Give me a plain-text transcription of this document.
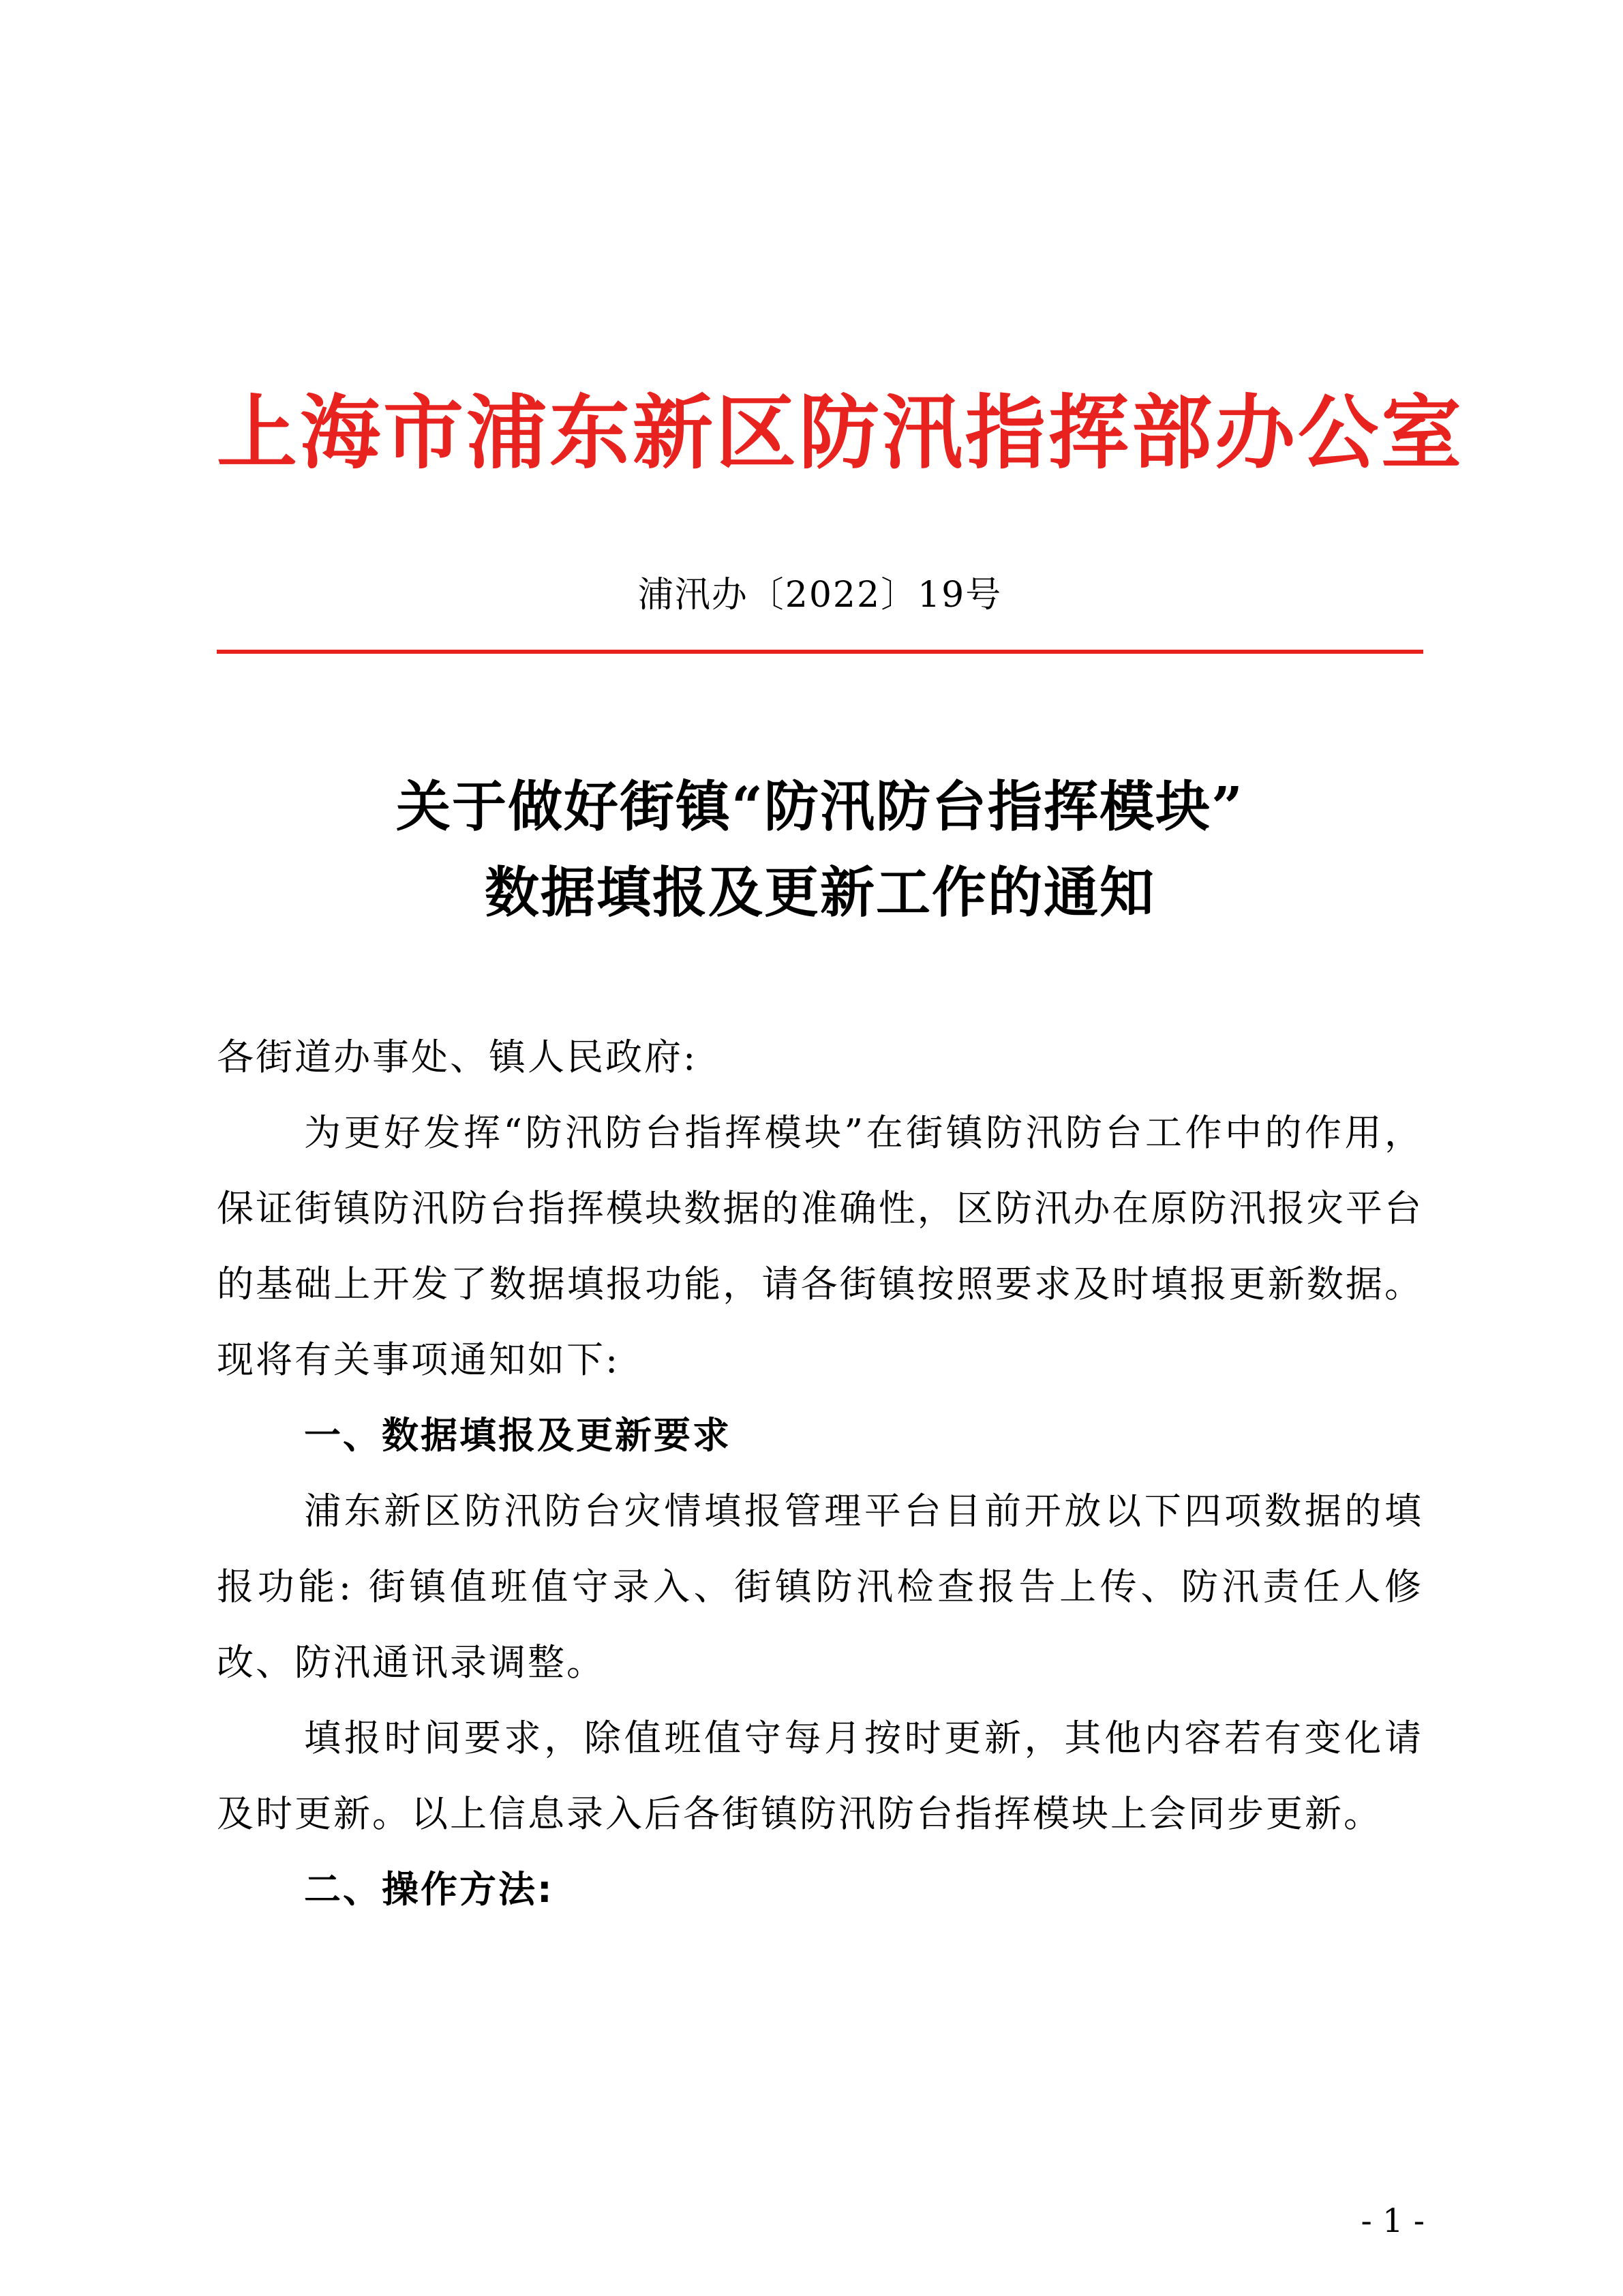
上海市浦东新区防汛指挥部办公室
浦汛办〔2022〕19号
关于做好街镇“防汛防台指挥模块”
数据填报及更新工作的通知

各街道办事处、镇人民政府:

为更好发挥“防汛防台指挥模块”在街镇防汛防台工作中的作用，保证街镇防汛防台指挥模块数据的准确性，区防汛办在原防汛报灾平台的基础上开发了数据填报功能，请各街镇按照要求及时填报更新数据。现将有关事项通知如下:

一、数据填报及更新要求

浦东新区防汛防台灾情填报管理平台目前开放以下四项数据的填报功能: 街镇值班值守录入、街镇防汛检查报告上传、防汛责任人修改、防汛通讯录调整。

填报时间要求，除值班值守每月按时更新，其他内容若有变化请及时更新。以上信息录入后各街镇防汛防台指挥模块上会同步更新。

二、操作方法:

- 1 -
